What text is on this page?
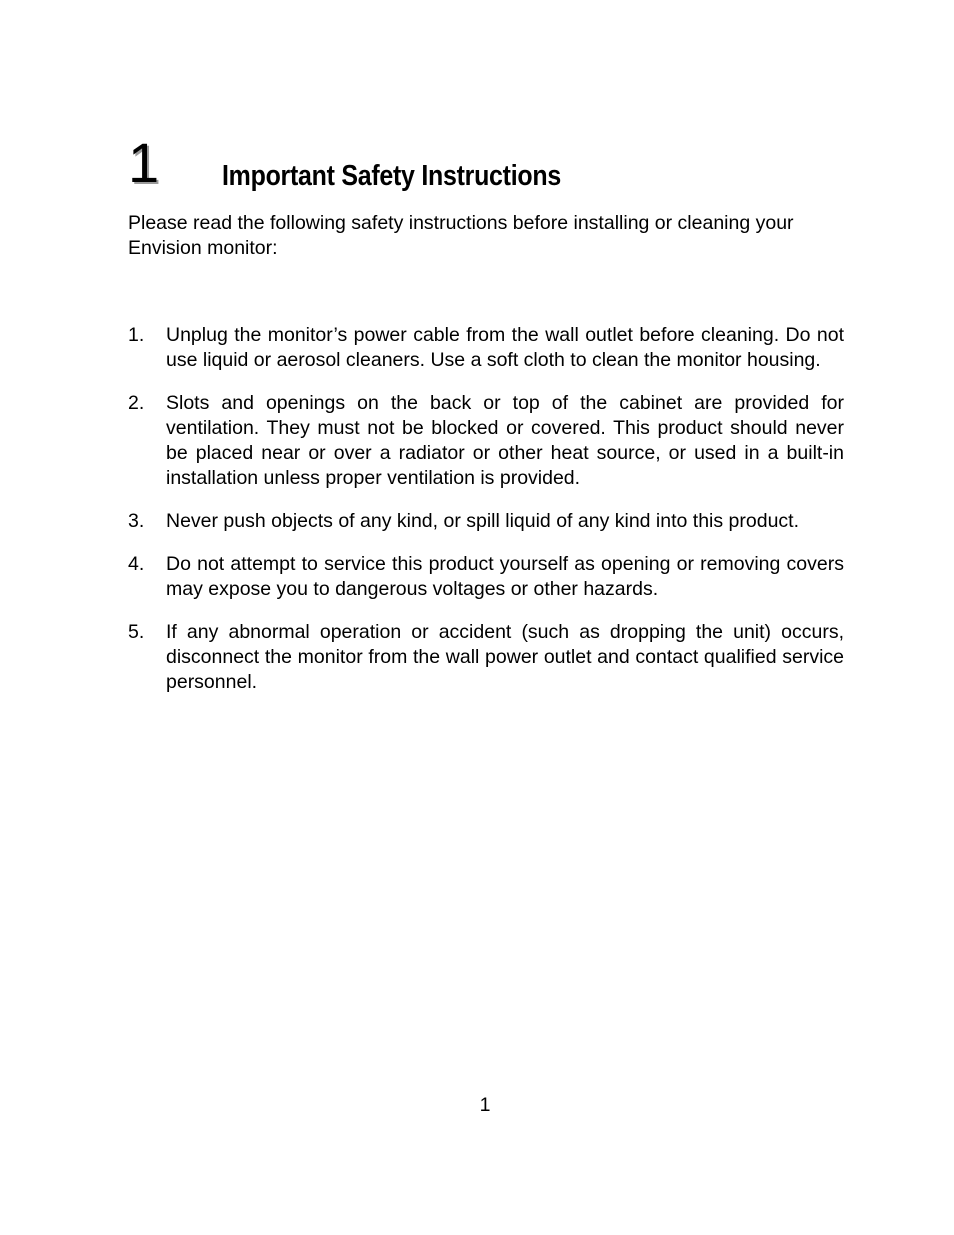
1 Important Safety Instructions

Please read the following safety instructions before installing or cleaning your Envision monitor:

1. Unplug the monitor’s power cable from the wall outlet before cleaning. Do not use liquid or aerosol cleaners. Use a soft cloth to clean the monitor housing.
2. Slots and openings on the back or top of the cabinet are provided for ventilation. They must not be blocked or covered. This product should never be placed near or over a radiator or other heat source, or used in a built-in installation unless proper ventilation is provided.
3. Never push objects of any kind, or spill liquid of any kind into this product.
4. Do not attempt to service this product yourself as opening or removing covers may expose you to dangerous voltages or other hazards.
5. If any abnormal operation or accident (such as dropping the unit) occurs, disconnect the monitor from the wall power outlet and contact qualified service personnel.
1
